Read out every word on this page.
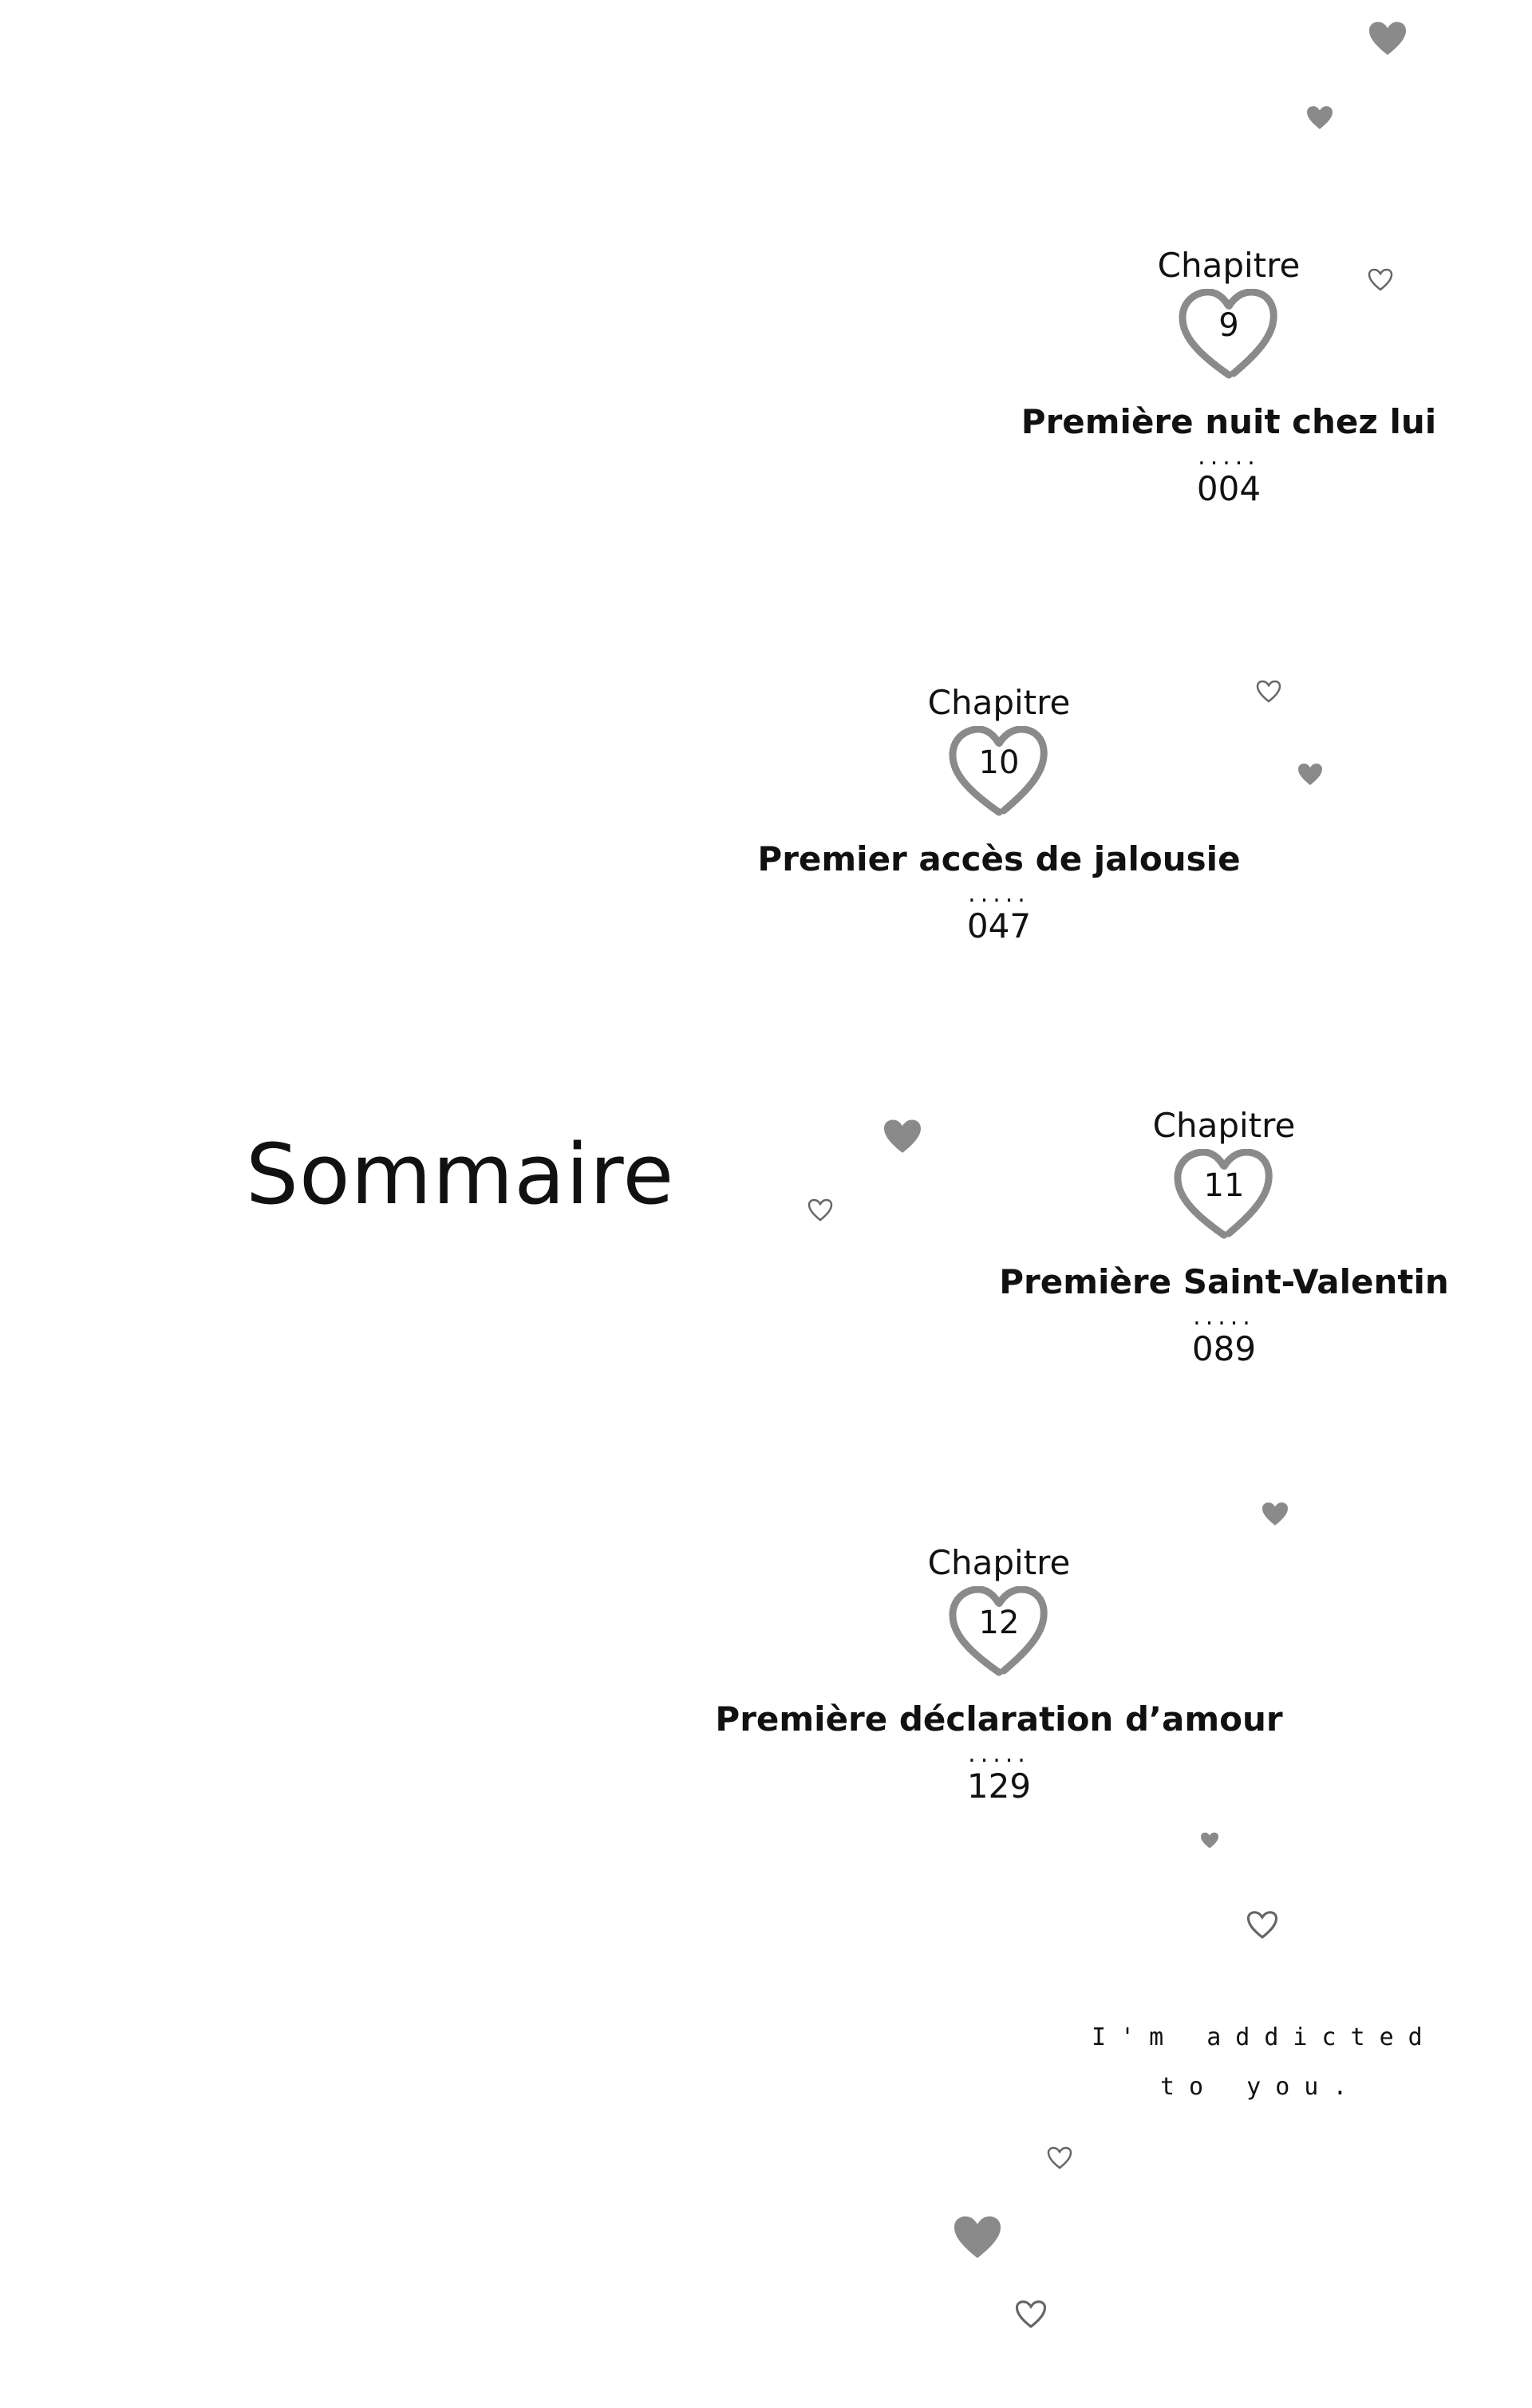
Sommaire
Chapitre
9
Première nuit chez lui
.....
004
Chapitre
10
Premier accès de jalousie
.....
047
Chapitre
11
Première Saint-Valentin
.....
089
Chapitre
12
Première déclaration d’amour
.....
129
I'm addicted
to you.
